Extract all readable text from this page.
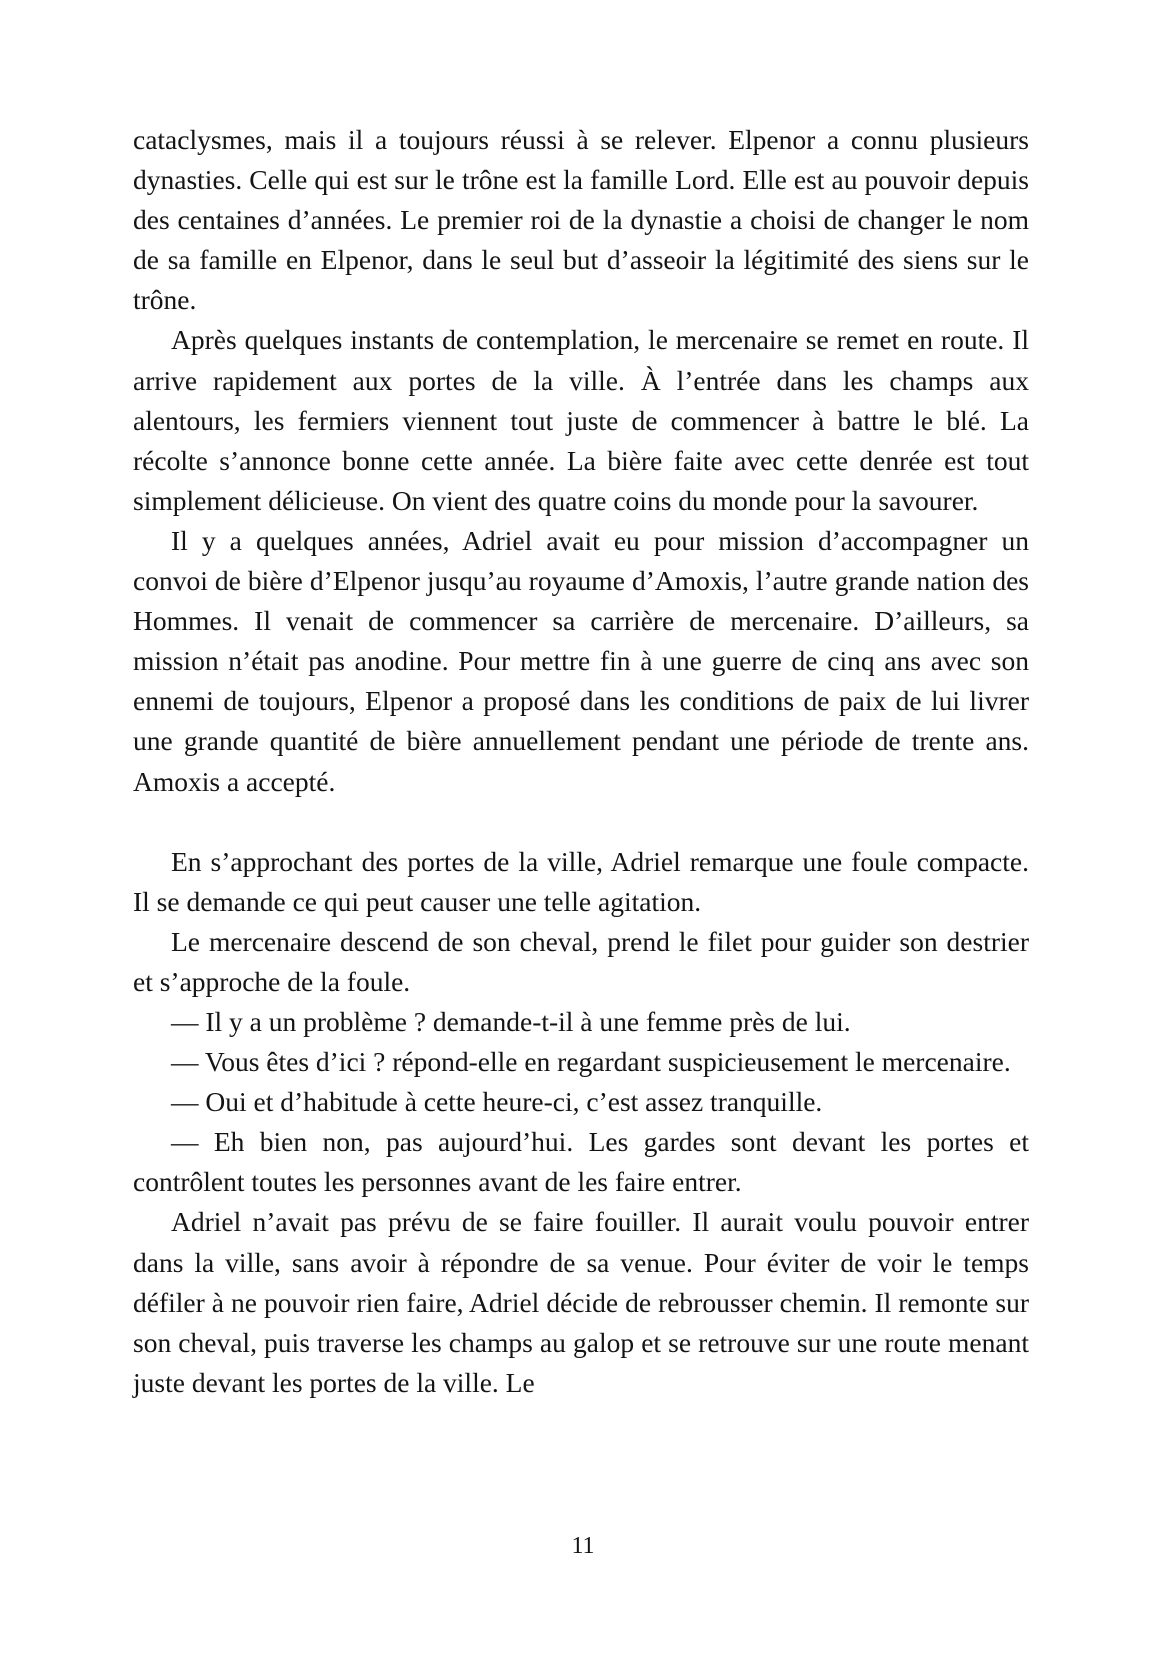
cataclysmes, mais il a toujours réussi à se relever. Elpenor a connu plusieurs dynasties. Celle qui est sur le trône est la famille Lord. Elle est au pouvoir depuis des centaines d’années. Le premier roi de la dynastie a choisi de changer le nom de sa famille en Elpenor, dans le seul but d’asseoir la légitimité des siens sur le trône.

Après quelques instants de contemplation, le mercenaire se remet en route. Il arrive rapidement aux portes de la ville. À l’entrée dans les champs aux alentours, les fermiers viennent tout juste de commencer à battre le blé. La récolte s’annonce bonne cette année. La bière faite avec cette denrée est tout simplement délicieuse. On vient des quatre coins du monde pour la savourer.

Il y a quelques années, Adriel avait eu pour mission d’accompagner un convoi de bière d’Elpenor jusqu’au royaume d’Amoxis, l’autre grande nation des Hommes. Il venait de commencer sa carrière de mercenaire. D’ailleurs, sa mission n’était pas anodine. Pour mettre fin à une guerre de cinq ans avec son ennemi de toujours, Elpenor a proposé dans les conditions de paix de lui livrer une grande quantité de bière annuellement pendant une période de trente ans. Amoxis a accepté.

En s’approchant des portes de la ville, Adriel remarque une foule compacte. Il se demande ce qui peut causer une telle agitation.

Le mercenaire descend de son cheval, prend le filet pour guider son destrier et s’approche de la foule.

— Il y a un problème ? demande-t-il à une femme près de lui.

— Vous êtes d’ici ? répond-elle en regardant suspicieusement le mercenaire.

— Oui et d’habitude à cette heure-ci, c’est assez tranquille.

— Eh bien non, pas aujourd’hui. Les gardes sont devant les portes et contrôlent toutes les personnes avant de les faire entrer.

Adriel n’avait pas prévu de se faire fouiller. Il aurait voulu pouvoir entrer dans la ville, sans avoir à répondre de sa venue. Pour éviter de voir le temps défiler à ne pouvoir rien faire, Adriel décide de rebrousser chemin. Il remonte sur son cheval, puis traverse les champs au galop et se retrouve sur une route menant juste devant les portes de la ville. Le

11
